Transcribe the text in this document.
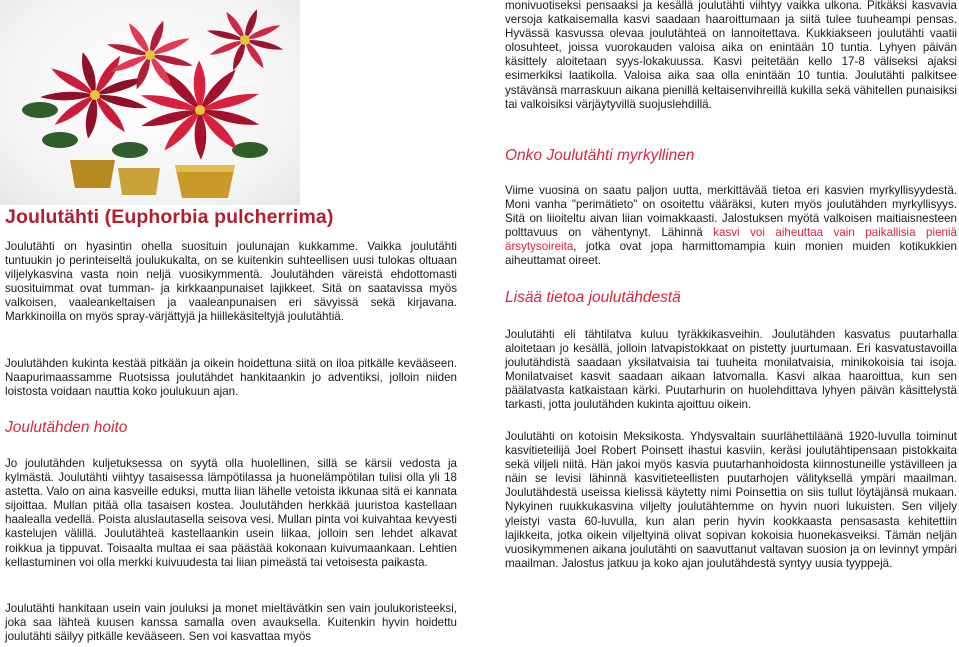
monivuotiseksi pensaaksi ja kesällä joulutähti viihtyy vaikka ulkona. Pitkäksi kasvavia versoja katkaisemalla kasvi saadaan haaroittumaan ja siitä tulee tuuheampi pensas. Hyvässä kasvussa olevaa joulutähteä on lannoitettava. Kukkiakseen joulutähti vaatii olosuhteet, joissa vuorokauden valoisa aika on enintään 10 tuntia. Lyhyen päivän käsittely aloitetaan syys-lokakuussa. Kasvi peitetään kello 17-8 väliseksi ajaksi esimerkiksi laatikolla. Valoisa aika saa olla enintään 10 tuntia. Joulutähti palkitsee ystävänsä marraskuun aikana pienillä keltaisenvihreillä kukilla sekä vähitellen punaisiksi tai valkoisiksi värjäytyvillä suojuslehdillä.

Onko Joulutähti myrkyllinen

Viime vuosina on saatu paljon uutta, merkittävää tietoa eri kasvien myrkyllisyydestä. Moni vanha "perimätieto" on osoitettu vääräksi, kuten myös joulutähden myrkyllisyys. Sitä on liioiteltu aivan liian voimakkaasti. Jalostuksen myötä valkoisen maitiaisnesteen polttavuus on vähentynyt. Lähinnä kasvi voi aiheuttaa vain paikallisia pieniä ärsytysoireita, jotka ovat jopa harmittomampia kuin monien muiden kotikukkien aiheuttamat oireet.

Lisää tietoa joulutähdestä

Joulutähti eli tähtilatva kuluu tyräkkikasveihin. Joulutähden kasvatus puutarhalla aloitetaan jo kesällä, jolloin latvapistokkaat on pistetty juurtumaan. Eri kasvatustavoilla joulutähdistä saadaan yksilatvaisia tai tuuheita monilatvaisia, minikokoisia tai isoja. Monilatvaiset kasvit saadaan aikaan latvomalla. Kasvi alkaa haaroittua, kun sen päälatvasta katkaistaan kärki. Puutarhurin on huolehdittava lyhyen päivän käsittelystä tarkasti, jotta joulutähden kukinta ajoittuu oikein.

Joulutähti on kotoisin Meksikosta. Yhdysvaltain suurlähettiläänä 1920-luvulla toiminut kasvitieteilijä Joel Robert Poinsett ihastui kasviin, keräsi joulutähtipensaan pistokkaita sekä viljeli niitä. Hän jakoi myös kasvia puutarhanhoidosta kiinnostuneille ystävilleen ja näin se levisi lähinnä kasvitieteellisten puutarhojen välityksellä ympäri maailman. Joulutähdestä useissa kielissä käytetty nimi Poinsettia on siis tullut löytäjänsä mukaan. Nykyinen ruukkukasvina viljelty joulutähtemme on hyvin nuori lukuisten. Sen viljely yleistyi vasta 60-luvulla, kun alan perin hyvin kookkaasta pensasasta kehitettiin lajikkeita, jotka oikein viljeltyinä olivat sopivan kokoisia huonekasveiksi. Tämän neljän vuosikymmenen aikana joulutähti on saavuttanut valtavan suosion ja on levinnyt ympäri maailman. Jalostus jatkuu ja koko ajan joulutähdestä syntyy uusia tyyppejä.

Joulutähti (Euphorbia pulcherrima)

Joulutähti on hyasintin ohella suosituin joulunajan kukkamme. Vaikka joulutähti tuntuukin jo perinteiseltä joulukukalta, on se kuitenkin suhteellisen uusi tulokas oltuaan viljelykasvina vasta noin neljä vuosikymmentä. Joulutähden väreistä ehdottomasti suosituimmat ovat tumman- ja kirkkaanpunaiset lajikkeet. Sitä on saatavissa myös valkoisen, vaaleankeltaisen ja vaaleanpunaisen eri sävyissä sekä kirjavana. Markkinoilla on myös spray-värjättyjä ja hiillekäsiteltyjä joulutähtiä.

Joulutähden kukinta kestää pitkään ja oikein hoidettuna siitä on iloa pitkälle kevääseen. Naapurimaassamme Ruotsissa joulutähdet hankitaankin jo adventiksi, jolloin niiden loistosta voidaan nauttia koko joulukuun ajan.

Joulutähden hoito

Jo joulutähden kuljetuksessa on syytä olla huolellinen, sillä se kärsii vedosta ja kylmästä. Joulutähti viihtyy tasaisessa lämpötilassa ja huonelämpötilan tulisi olla yli 18 astetta. Valo on aina kasveille eduksi, mutta liian lähelle vetoista ikkunaa sitä ei kannata sijoittaa. Mullan pitää olla tasaisen kostea. Joulutähden herkkää juuristoa kastellaan haalealla vedellä. Poista aluslautasella seisova vesi. Mullan pinta voi kuivahtaa kevyesti kastelujen välillä. Joulutähteä kastellaankin usein liikaa, jolloin sen lehdet alkavat roikkua ja tippuvat. Toisaalta multaa ei saa päästää kokonaan kuivumaankaan. Lehtien kellastuminen voi olla merkki kuivuudesta tai liian pimeästä tai vetoisesta paikasta.

Joulutähti hankitaan usein vain jouluksi ja monet mieltävätkin sen vain joulukoristeeksi, joka saa lähteä kuusen kanssa samalla oven avauksella. Kuitenkin hyvin hoidettu joulutähti säilyy pitkälle kevääseen. Sen voi kasvattaa myös
